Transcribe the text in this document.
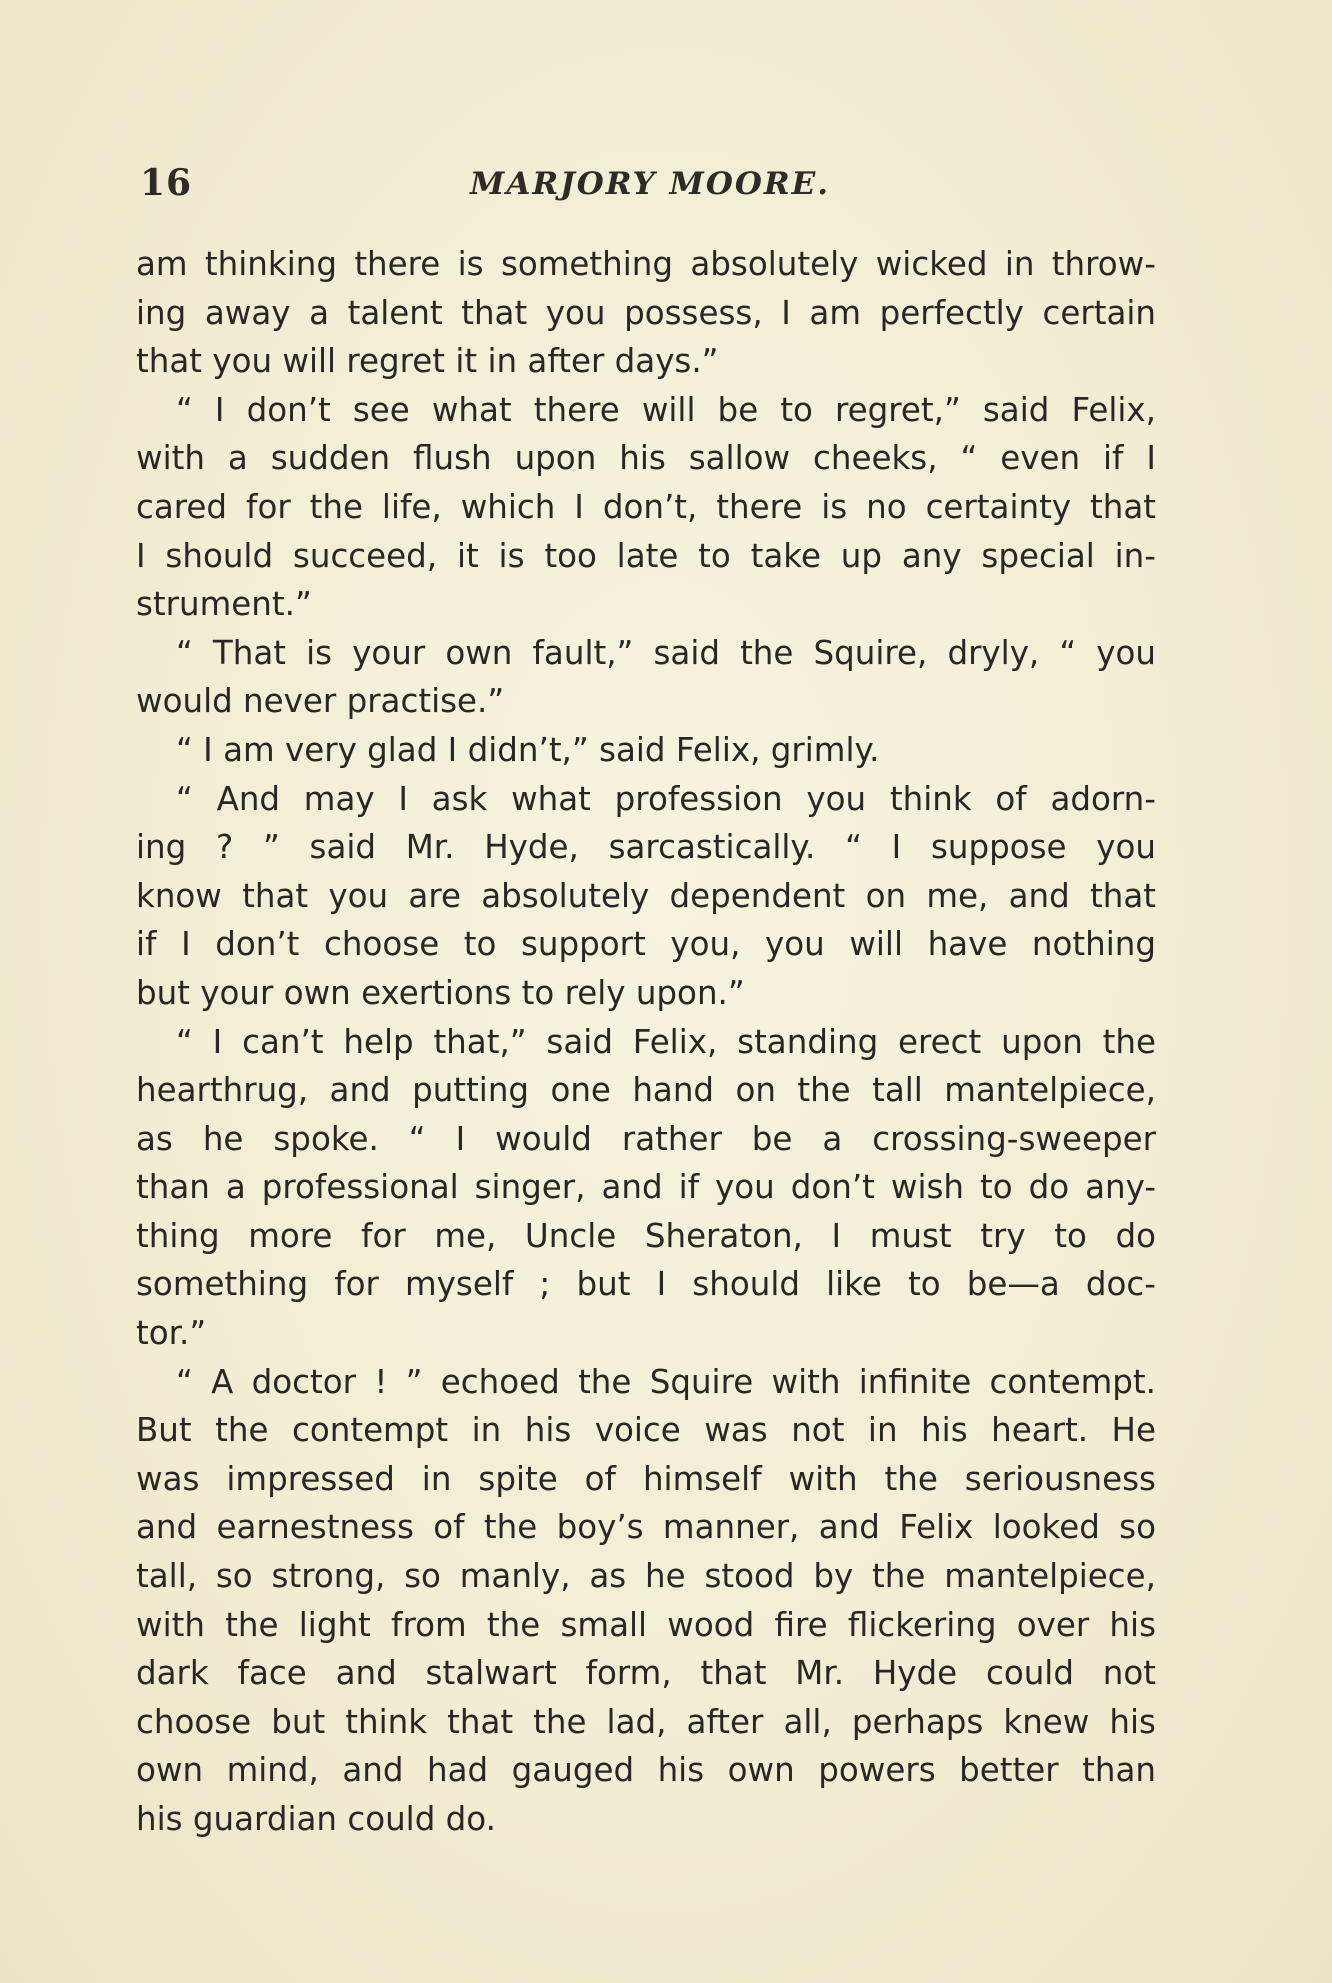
16	MARJORY MOORE.
am thinking there is something absolutely wicked in throw-
ing away a talent that you possess, I am perfectly certain
that you will regret it in after days.”
“ I don’t see what there will be to regret,” said Felix,
with a sudden flush upon his sallow cheeks, “ even if I
cared for the life, which I don’t, there is no certainty that
I should succeed, it is too late to take up any special in-
strument.”
“ That is your own fault,” said the Squire, dryly, “ you
would never practise.”
“ I am very glad I didn’t,” said Felix, grimly.
“ And may I ask what profession you think of adorn-
ing ? ” said Mr. Hyde, sarcastically. “ I suppose you
know that you are absolutely dependent on me, and that
if I don’t choose to support you, you will have nothing
but your own exertions to rely upon.”
“ I can’t help that,” said Felix, standing erect upon the
hearthrug, and putting one hand on the tall mantelpiece,
as he spoke. “ I would rather be a crossing-sweeper
than a professional singer, and if you don’t wish to do any-
thing more for me, Uncle Sheraton, I must try to do
something for myself ; but I should like to be—a doc-
tor.”
“ A doctor ! ” echoed the Squire with infinite contempt.
But the contempt in his voice was not in his heart. He
was impressed in spite of himself with the seriousness
and earnestness of the boy’s manner, and Felix looked so
tall, so strong, so manly, as he stood by the mantelpiece,
with the light from the small wood fire flickering over his
dark face and stalwart form, that Mr. Hyde could not
choose but think that the lad, after all, perhaps knew his
own mind, and had gauged his own powers better than
his guardian could do.
